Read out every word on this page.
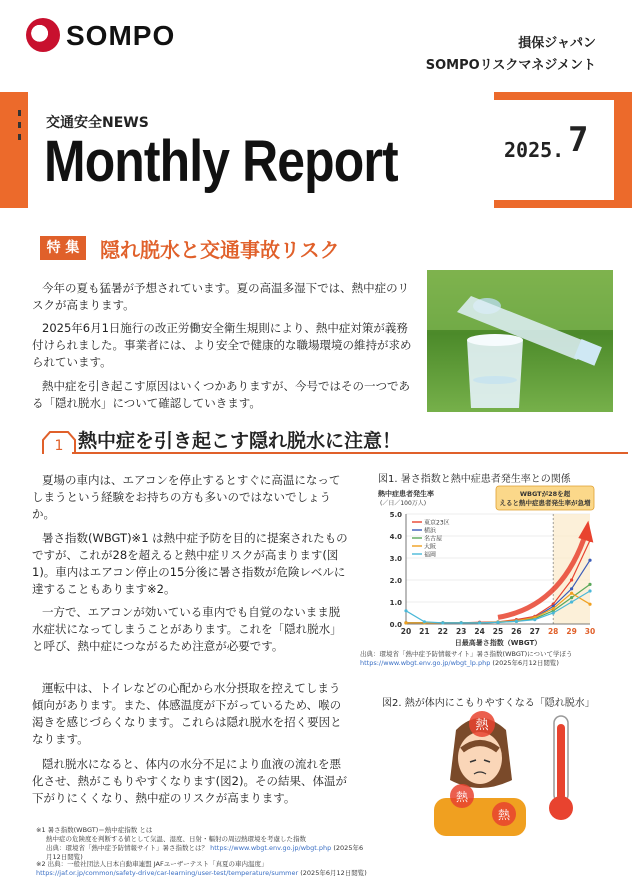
SOMPO	損保ジャパン
SOMPOリスクマネジメント
交通安全NEWS
Monthly Report	2025. 7
特 集	隠れ脱水と交通事故リスク

今年の夏も猛暑が予想されています。夏の高温多湿下では、熱中症のリスクが高まります。

2025年6月1日施行の改正労働安全衛生規則により、熱中症対策が義務付けられました。事業者には、より安全で健康的な職場環境の維持が求められています。

熱中症を引き起こす原因はいくつかありますが、今号ではその一つである「隠れ脱水」について確認していきます。

1 熱中症を引き起こす隠れ脱水に注意！

夏場の車内は、エアコンを停止するとすぐに高温になってしまうという経験をお持ちの方も多いのではないでしょうか。

暑さ指数(WBGT)※1 は熱中症予防を目的に提案されたものですが、これが28を超えると熱中症リスクが高まります(図1)。車内はエアコン停止の15分後に暑さ指数が危険レベルに達することもあります※2。

一方で、エアコンが効いている車内でも自覚のないまま脱水症状になってしまうことがあります。これを「隠れ脱水」と呼び、熱中症につながるため注意が必要です。

運転中は、トイレなどの心配から水分摂取を控えてしまう傾向があります。また、体感温度が下がっているため、喉の渇きを感じづらくなります。これらは隠れ脱水を招く要因となります。

隠れ脱水になると、体内の水分不足により血液の流れを悪化させ、熱がこもりやすくなります(図2)。その結果、体温が下がりにくくなり、熱中症のリスクが高まります。

図1. 暑さ指数と熱中症患者発生率との関係
熱中症患者発生率
(／日／100万人)
0.0
1.0
2.0
3.0
4.0
5.0
20 21 22 23 24 25 26 27 28 29 30
日最高暑さ指数（WBGT）
東京23区
横浜
名古屋
大阪
福岡
WBGTが28を超
えると熱中症患者発生率が急増
出典：環境省「熱中症予防情報サイト」暑さ指数(WBGT)について学ぼう
https://www.wbgt.env.go.jp/wbgt_lp.php (2025年6月12日閲覧)
図2. 熱が体内にこもりやすくなる「隠れ脱水」
熱
熱
熱
※1 暑さ指数(WBGT)＝熱中症指数 とは
熱中症の危険度を判断する値として気温、湿度、日射・輻射の周辺熱環境を考慮した指数
出典：環境省「熱中症予防情報サイト」暑さ指数とは？ https://www.wbgt.env.go.jp/wbgt.php (2025年6月12日閲覧)
※2 出典：一般社団法人日本自動車連盟 JAFユーザーテスト「真夏の車内温度」
https://jaf.or.jp/common/safety-drive/car-learning/user-test/temperature/summer (2025年6月12日閲覧)
